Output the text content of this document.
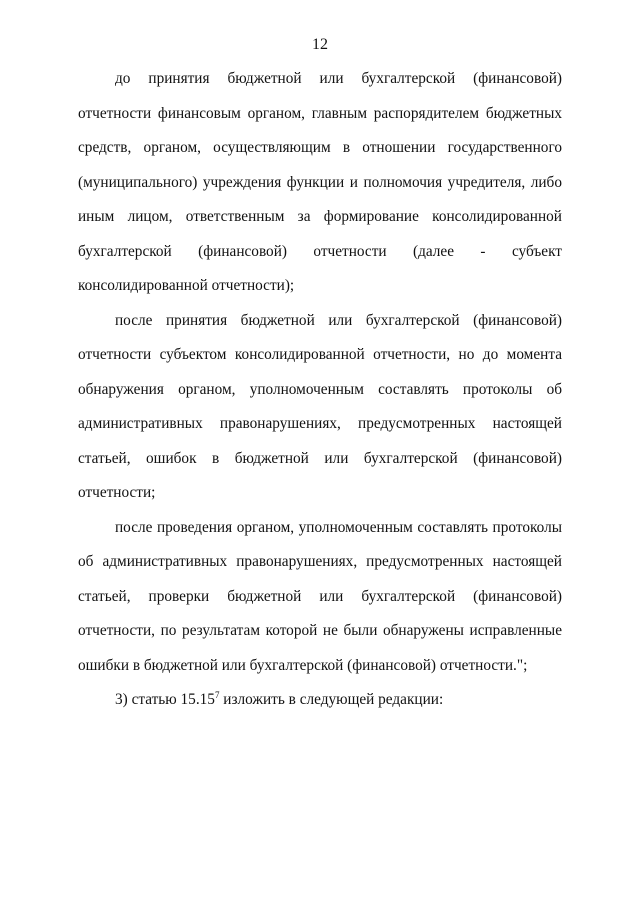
12

до принятия бюджетной или бухгалтерской (финансовой) отчетности финансовым органом, главным распорядителем бюджетных средств, органом, осуществляющим в отношении государственного (муниципального) учреждения функции и полномочия учредителя, либо иным лицом, ответственным за формирование консолидированной бухгалтерской (финансовой) отчетности (далее - субъект консолидированной отчетности);

после принятия бюджетной или бухгалтерской (финансовой) отчетности субъектом консолидированной отчетности, но до момента обнаружения органом, уполномоченным составлять протоколы об административных правонарушениях, предусмотренных настоящей статьей, ошибок в бюджетной или бухгалтерской (финансовой) отчетности;

после проведения органом, уполномоченным составлять протоколы об административных правонарушениях, предусмотренных настоящей статьей, проверки бюджетной или бухгалтерской (финансовой) отчетности, по результатам которой не были обнаружены исправленные ошибки в бюджетной или бухгалтерской (финансовой) отчетности.";

3) статью 15.15$^7$ изложить в следующей редакции:
